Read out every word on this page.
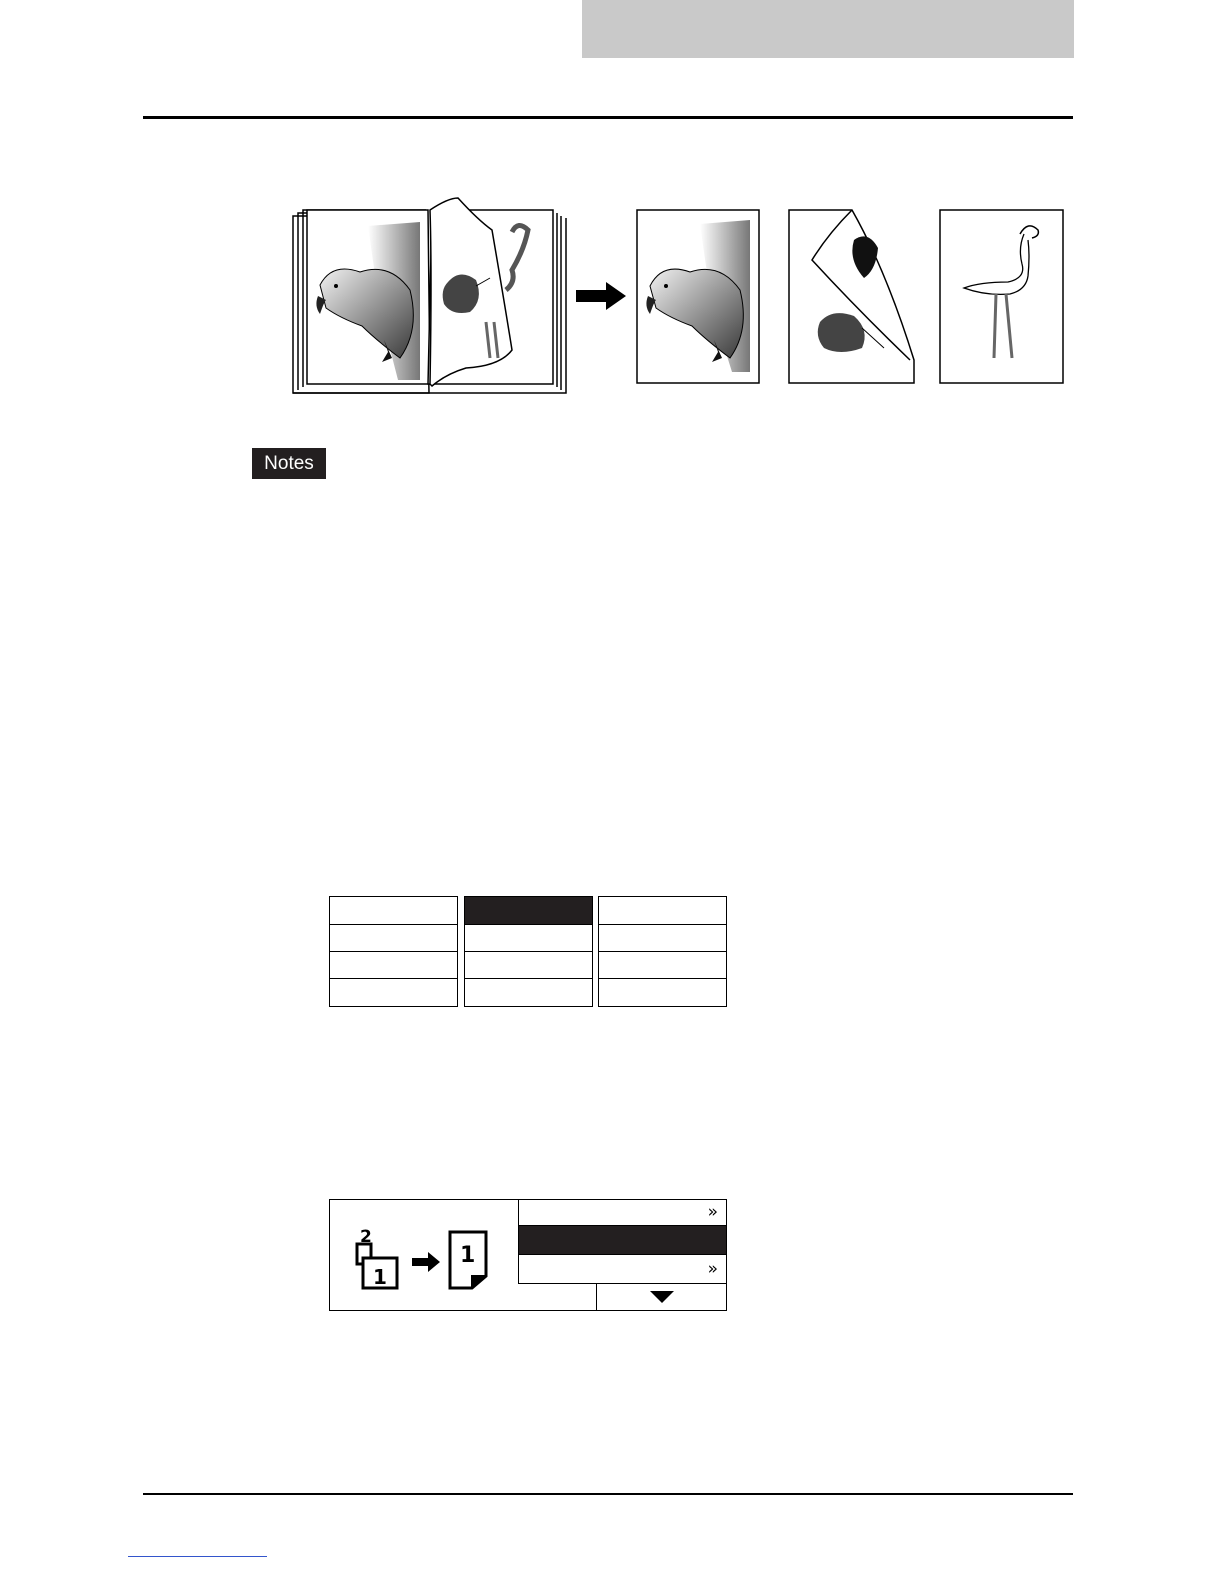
Notes
2
1
1
»
»
